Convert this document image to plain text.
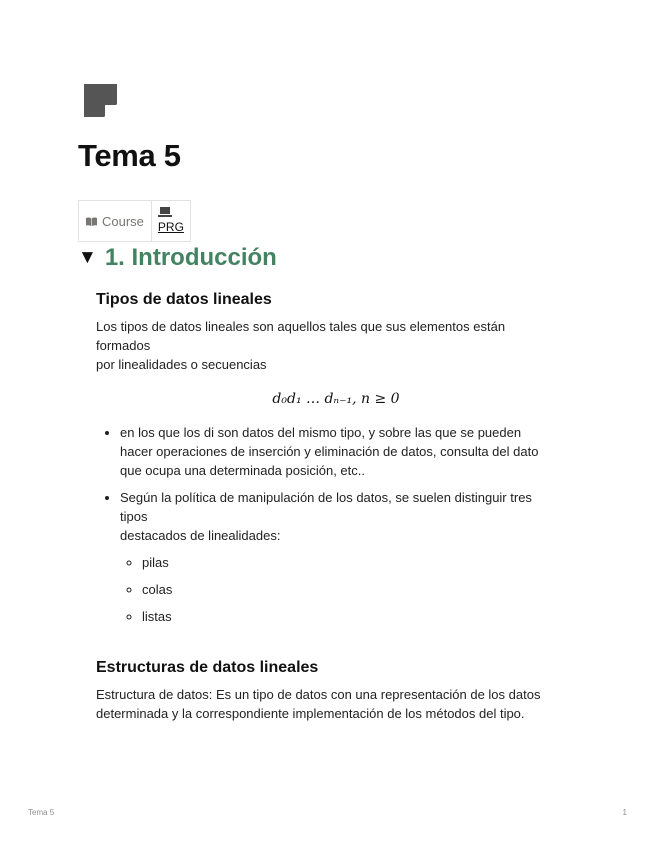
Tema 5
Course	PRG
▼ 1. Introducción
Tipos de datos lineales

Los tipos de datos lineales son aquellos tales que sus elementos están
formados
por linealidades o secuencias

d₀d₁ … dₙ₋₁, n ≥ 0
• en los que los di son datos del mismo tipo, y sobre las que se pueden
hacer operaciones de inserción y eliminación de datos, consulta del dato
que ocupa una determinada posición, etc..
• Según la política de manipulación de los datos, se suelen distinguir tres
tipos
destacados de linealidades:
◦ pilas
◦ colas
◦ listas
Estructuras de datos lineales

Estructura de datos: Es un tipo de datos con una representación de los datos
determinada y la correspondiente implementación de los métodos del tipo.

Tema 5	1
